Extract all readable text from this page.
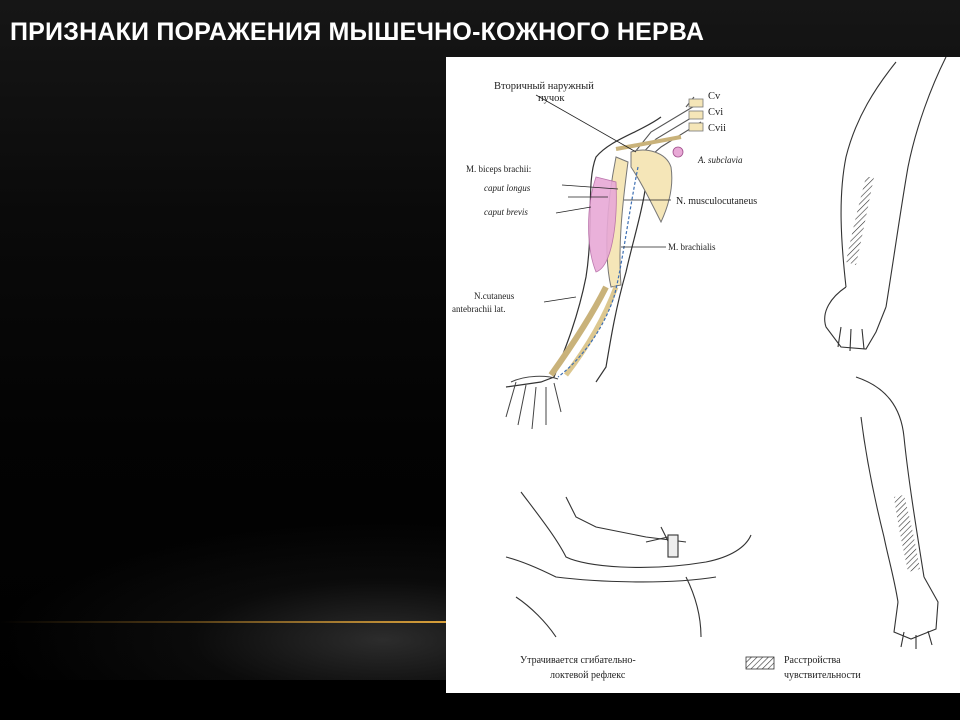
ПРИЗНАКИ ПОРАЖЕНИЯ МЫШЕЧНО-КОЖНОГО НЕРВА
Вторичный наружный
пучок	Cv
Cvi
Cvii
A. subclavia
M. biceps brachii:
caput longus
caput brevis
N. musculocutaneus
M. brachialis
N.cutaneus
antebrachii lat.
Утрачивается сгибательно-
локтевой рефлекс
Расстройства
чувствительности
